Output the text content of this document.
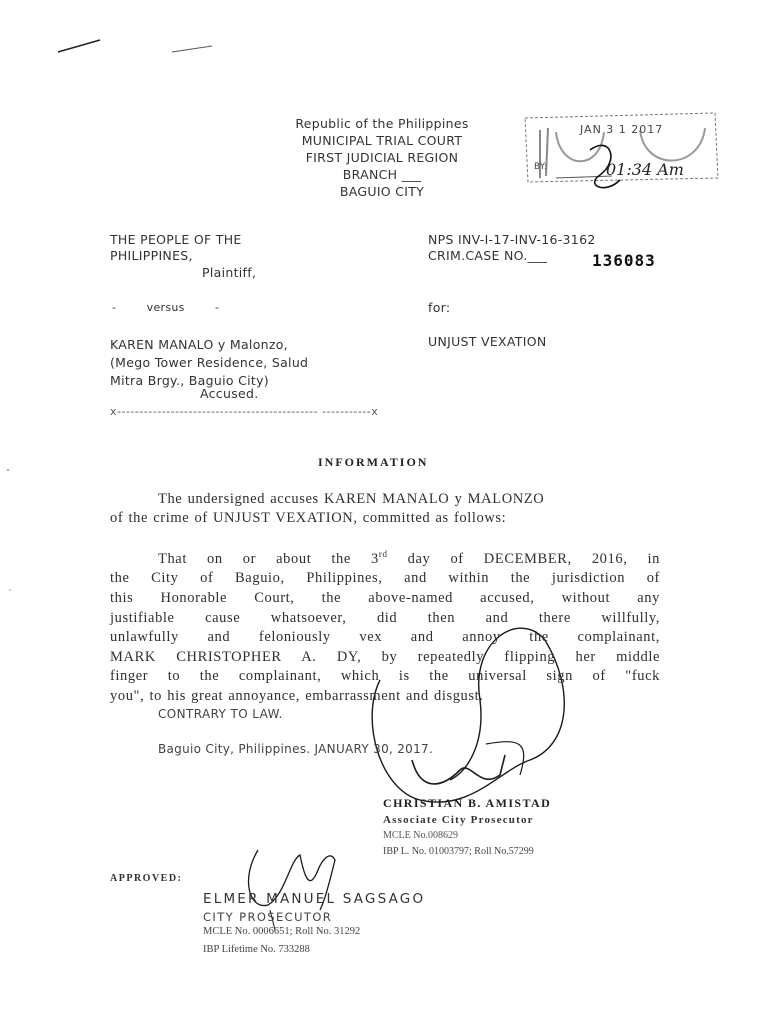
Republic of the Philippines
MUNICIPAL TRIAL COURT
FIRST JUDICIAL REGION
BRANCH ___
BAGUIO CITY
JAN 3 1 2017
BY:	01:34 Am
THE PEOPLE OF THE
PHILIPPINES,
Plaintiff,
-        versus        -
KAREN MANALO y Malonzo,
(Mego Tower Residence, Salud
Mitra Brgy., Baguio City)
Accused.
x--------------------------------------------- -----------x
NPS INV-I-17-INV-16-3162
CRIM.CASE NO.___	136083
for:
UNJUST VEXATION
INFORMATION
The undersigned accuses KAREN MANALO y MALONZO
of the crime of UNJUST VEXATION, committed as follows:
That on or about the 3rd day of DECEMBER, 2016, in
the City of Baguio, Philippines, and within the jurisdiction of
this Honorable Court, the above-named accused, without any
justifiable cause whatsoever, did then and there willfully,
unlawfully and feloniously vex and annoy the complainant,
MARK CHRISTOPHER A. DY, by repeatedly flipping her middle
finger to the complainant, which is the universal sign of "fuck
you", to his great annoyance, embarrassment and disgust.
CONTRARY TO LAW.
Baguio City, Philippines. JANUARY 30, 2017.
CHRISTIAN B. AMISTAD
Associate City Prosecutor
MCLE No.008629
IBP L. No. 01003797; Roll No.57299
APPROVED:
ELMER MANUEL SAGSAGO
CITY PROSECUTOR
MCLE No. 0006651; Roll No. 31292
IBP Lifetime No. 733288
